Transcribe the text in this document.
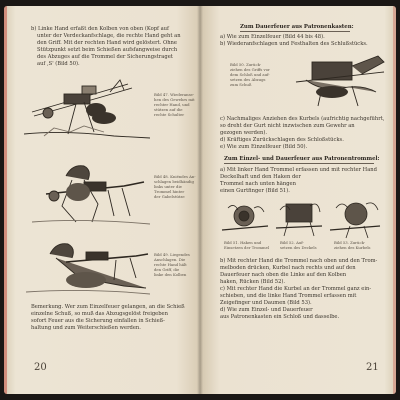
b) Linke Hand erfaßt den Kolben von oben (Kopf auf
unter der Verdeckanfschlage, die rechte Hand geht an
den Griff. Mit der rechten Hand wird gelöstert. Ohne
Stützpunkt setzt beim Schießen aufsfangweise durch
des Abzuges auf die Trommel der Sicherungstraget
auf ‚S' (Bild 50).
Bild 47. Wiederanse-
hen des Gewehrs mit
rechter Hand, und
stützen auf die
rechte Schulter
Bild 48. Kniëndes An-
schlagen beidhändig
links unter die
Trommel hinter
der Gabelstütze
Bild 49. Liegendes
Anschlagen. Die
rechte Hand hält
den Griff, die
linke den Kolben
Bemerkung. Wer zum Einzelfeuer gelangen, an die Schieß
einzelne Schuß, so muß das Abzugsgelöst freigeben
sofort Feuer aus die Sicherung einfallen in Schieß-
haltung und zum Weiterschießen werden.
20
Zum Dauerfeuer aus Patronenkasten:
a) Wie zum Einzelfeuer (Bild 44 bis 48).
b) Wiederanfschlagen und Festhalten des Schlußstücks.
Bild 50. Zurück-
ziehen des Griffs vor
dem Schloß und auf-
setzen des Abzugs
zum Schuß
c) Nachmaliges Anziehen des Kurbels (aufrichtig nachgeführt,
so dreht der Gurt nicht inzwischen zum Gewehr an
gezogen werden).
d) Kräftiges Zurückschlagen des Schloßstücks.
e) Wie zum Einzelfeuer (Bild 50).
Zum Einzel- und Dauerfeuer aus Patronentrommel:
a) Mit linker Hand Trommel erfassen und mit rechter Hand
Deckelhaft und den Haken der
Trommel nach unten hängen
einen Gurtfinger (Bild 51).
Bild 51. Haken und
Einsetzen der Trommel
Bild 52. Auf-
setzen des Deckels
Bild 53. Zurück-
ziehen des Kurbels
b) Mit rechter Hand die Trommel nach oben und den Trom-
melboden drücken, Kurbel nach rechts und auf den
Dauerfeuer nach oben die Linke auf den Kolben
haken, Rücken (Bild 52).
c) Mit rechter Hand die Kurbel an der Trommel ganz ein-
schieben, und die linke Hand Trommel erfassen mit
Zeigefinger und Daumen (Bild 53).
d) Wie zum Einzel- und Dauerfeuer
aus Patronenkasten ein Schloß und dasselbe.
21
